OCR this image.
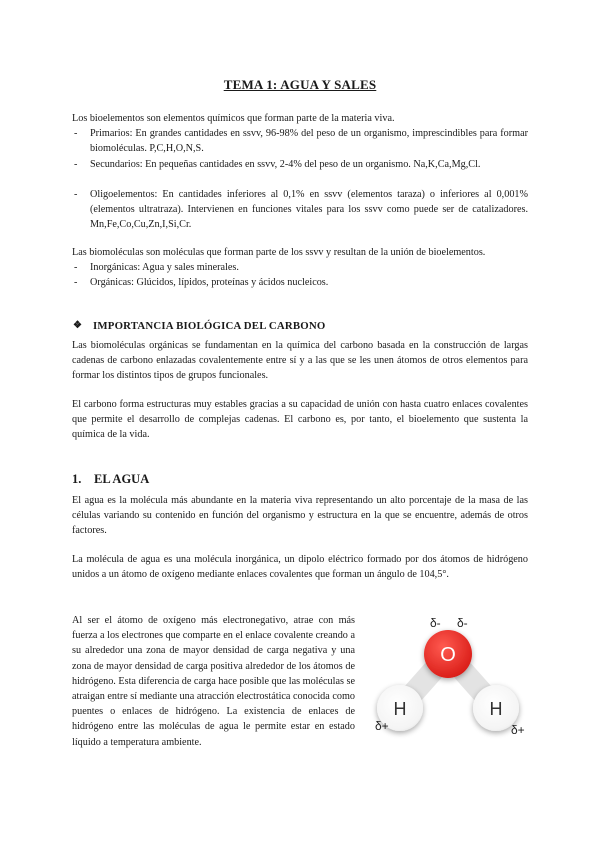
TEMA 1: AGUA Y SALES
Los bioelementos son elementos químicos que forman parte de la materia viva.
- Primarios: En grandes cantidades en ssvv, 96-98% del peso de un organismo, imprescindibles para formar biomoléculas. P,C,H,O,N,S.
- Secundarios: En pequeñas cantidades en ssvv, 2-4% del peso de un organismo. Na,K,Ca,Mg,Cl.
- Oligoelementos: En cantidades inferiores al 0,1% en ssvv (elementos taraza) o inferiores al 0,001% (elementos ultratraza). Intervienen en funciones vitales para los ssvv como puede ser de catalizadores. Mn,Fe,Co,Cu,Zn,I,Si,Cr.
Las biomoléculas son moléculas que forman parte de los ssvv y resultan de la unión de bioelementos.
- Inorgánicas: Agua y sales minerales.
- Orgánicas: Glúcidos, lípidos, proteínas y ácidos nucleicos.
❖ IMPORTANCIA BIOLÓGICA DEL CARBONO
Las biomoléculas orgánicas se fundamentan en la química del carbono basada en la construcción de largas cadenas de carbono enlazadas covalentemente entre sí y a las que se les unen átomos de otros elementos para formar los distintos tipos de grupos funcionales.
El carbono forma estructuras muy estables gracias a su capacidad de unión con hasta cuatro enlaces covalentes que permite el desarrollo de complejas cadenas. El carbono es, por tanto, el bioelemento que sustenta la química de la vida.
1. EL AGUA
El agua es la molécula más abundante en la materia viva representando un alto porcentaje de la masa de las células variando su contenido en función del organismo y estructura en la que se encuentre, además de otros factores.
La molécula de agua es una molécula inorgánica, un dipolo eléctrico formado por dos átomos de hidrógeno unidos a un átomo de oxígeno mediante enlaces covalentes que forman un ángulo de 104,5°.
Al ser el átomo de oxígeno más electronegativo, atrae con más fuerza a los electrones que comparte en el enlace covalente creando a su alrededor una zona de mayor densidad de carga negativa y una zona de mayor densidad de carga positiva alrededor de los átomos de hidrógeno. Esta diferencia de carga hace posible que las moléculas se atraigan entre sí mediante una atracción electrostática conocida como puentes o enlaces de hidrógeno. La existencia de enlaces de hidrógeno entre las moléculas de agua le permite estar en estado líquido a temperatura ambiente.
O
H	H
δ- δ-
δ+	δ+
